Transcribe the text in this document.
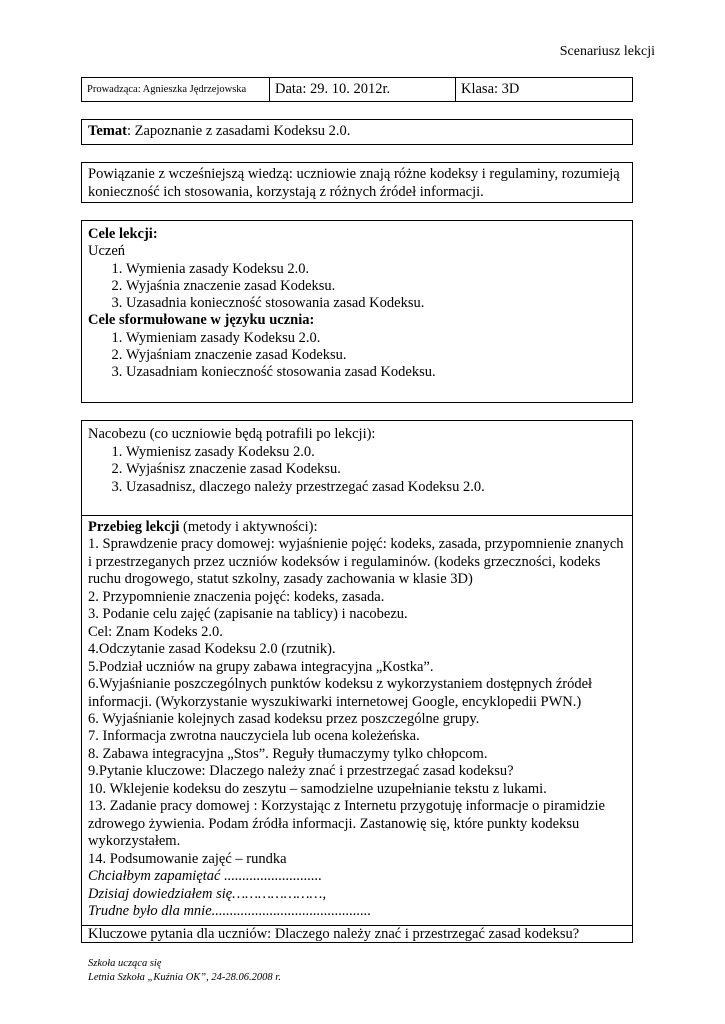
Scenariusz lekcji
Prowadząca: Agnieszka Jędrzejowska	Data: 29. 10. 2012r.	Klasa: 3D
Temat: Zapoznanie z zasadami Kodeksu 2.0.
Powiązanie z wcześniejszą wiedzą: uczniowie znają różne kodeksy i regulaminy, rozumieją konieczność ich stosowania, korzystają z różnych źródeł informacji.
Cele lekcji:
Uczeń
1. Wymienia zasady Kodeksu 2.0.
2. Wyjaśnia znaczenie zasad Kodeksu.
3. Uzasadnia konieczność stosowania zasad Kodeksu.
Cele sformułowane w języku ucznia:
1. Wymieniam zasady Kodeksu 2.0.
2. Wyjaśniam znaczenie zasad Kodeksu.
3. Uzasadniam konieczność stosowania zasad Kodeksu.
Nacobezu (co uczniowie będą potrafili po lekcji):
1. Wymienisz zasady Kodeksu 2.0.
2. Wyjaśnisz znaczenie zasad Kodeksu.
3. Uzasadnisz, dlaczego należy przestrzegać zasad Kodeksu 2.0.

Przebieg lekcji (metody i aktywności):

1. Sprawdzenie pracy domowej: wyjaśnienie pojęć: kodeks, zasada, przypomnienie znanych i przestrzeganych przez uczniów kodeksów i regulaminów. (kodeks grzeczności, kodeks ruchu drogowego, statut szkolny, zasady zachowania w klasie 3D)

2. Przypomnienie znaczenia pojęć: kodeks, zasada.

3. Podanie celu zajęć (zapisanie na tablicy) i nacobezu.

Cel: Znam Kodeks 2.0.

4.Odczytanie zasad Kodeksu 2.0 (rzutnik).

5.Podział uczniów na grupy zabawa integracyjna „Kostka”.

6.Wyjaśnianie poszczególnych punktów kodeksu z wykorzystaniem dostępnych źródeł informacji. (Wykorzystanie wyszukiwarki internetowej Google, encyklopedii PWN.)

6. Wyjaśnianie kolejnych zasad kodeksu przez poszczególne grupy.

7. Informacja zwrotna nauczyciela lub ocena koleżeńska.

8. Zabawa integracyjna „Stos”. Reguły tłumaczymy tylko chłopcom.

9.Pytanie kluczowe: Dlaczego należy znać i przestrzegać zasad kodeksu?

10. Wklejenie kodeksu do zeszytu – samodzielne uzupełnianie tekstu z lukami.

13. Zadanie pracy domowej : Korzystając z Internetu przygotuję informacje o piramidzie zdrowego żywienia. Podam źródła informacji. Zastanowię się, które punkty kodeksu wykorzystałem.

14. Podsumowanie zajęć – rundka

Chciałbym zapamiętać ...........................

Dzisiaj dowiedziałem się…………………,

Trudne było dla mnie............................................

Kluczowe pytania dla uczniów: Dlaczego należy znać i przestrzegać zasad kodeksu?
Szkoła ucząca się
Letnia Szkoła „Kuźnia OK”, 24-28.06.2008 r.
